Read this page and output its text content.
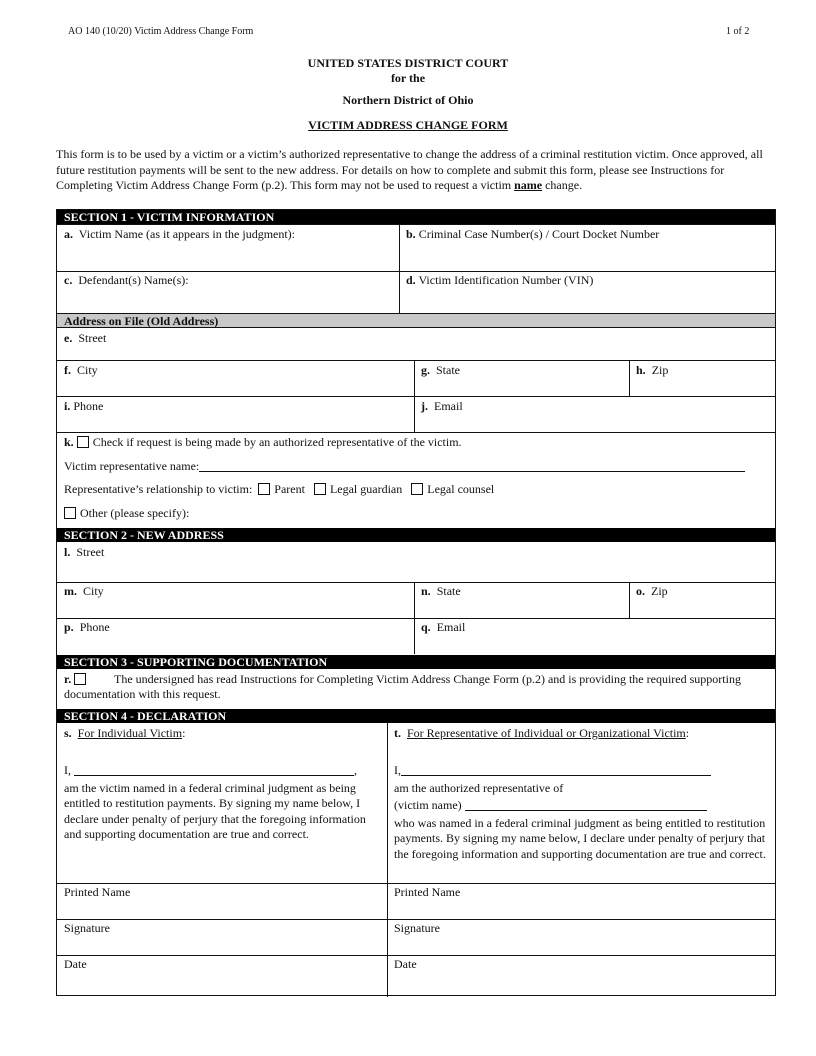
AO 140 (10/20) Victim Address Change Form	1 of 2
UNITED STATES DISTRICT COURT
for the
Northern District of Ohio
VICTIM ADDRESS CHANGE FORM
This form is to be used by a victim or a victim’s authorized representative to change the address of a criminal restitution victim. Once approved, all future restitution payments will be sent to the new address. For details on how to complete and submit this form, please see Instructions for Completing Victim Address Change Form (p.2). This form may not be used to request a victim name change.
SECTION 1 - VICTIM INFORMATION
a. Victim Name (as it appears in the judgment):	b. Criminal Case Number(s) / Court Docket Number
c. Defendant(s) Name(s):	d. Victim Identification Number (VIN)
Address on File (Old Address)
e. Street
f. City	g. State	h. Zip
i. Phone	j. Email
k. Check if request is being made by an authorized representative of the victim.
Victim representative name:
Representative’s relationship to victim: Parent Legal guardian Legal counsel
Other (please specify):
SECTION 2 - NEW ADDRESS
l. Street
m. City	n. State	o. Zip
p. Phone	q. Email
SECTION 3 - SUPPORTING DOCUMENTATION
r.	The undersigned has read Instructions for Completing Victim Address Change Form (p.2) and is providing the required supporting documentation with this request.
SECTION 4 - DECLARATION
s. For Individual Victim:
I,	,
am the victim named in a federal criminal judgment as being entitled to restitution payments. By signing my name below, I declare under penalty of perjury that the foregoing information and supporting documentation are true and correct.
t. For Representative of Individual or Organizational Victim:
I,
am the authorized representative of
(victim name)
who was named in a federal criminal judgment as being entitled to restitution payments. By signing my name below, I declare under penalty of perjury that the foregoing information and supporting documentation are true and correct.
Printed Name	Printed Name
Signature	Signature
Date	Date
